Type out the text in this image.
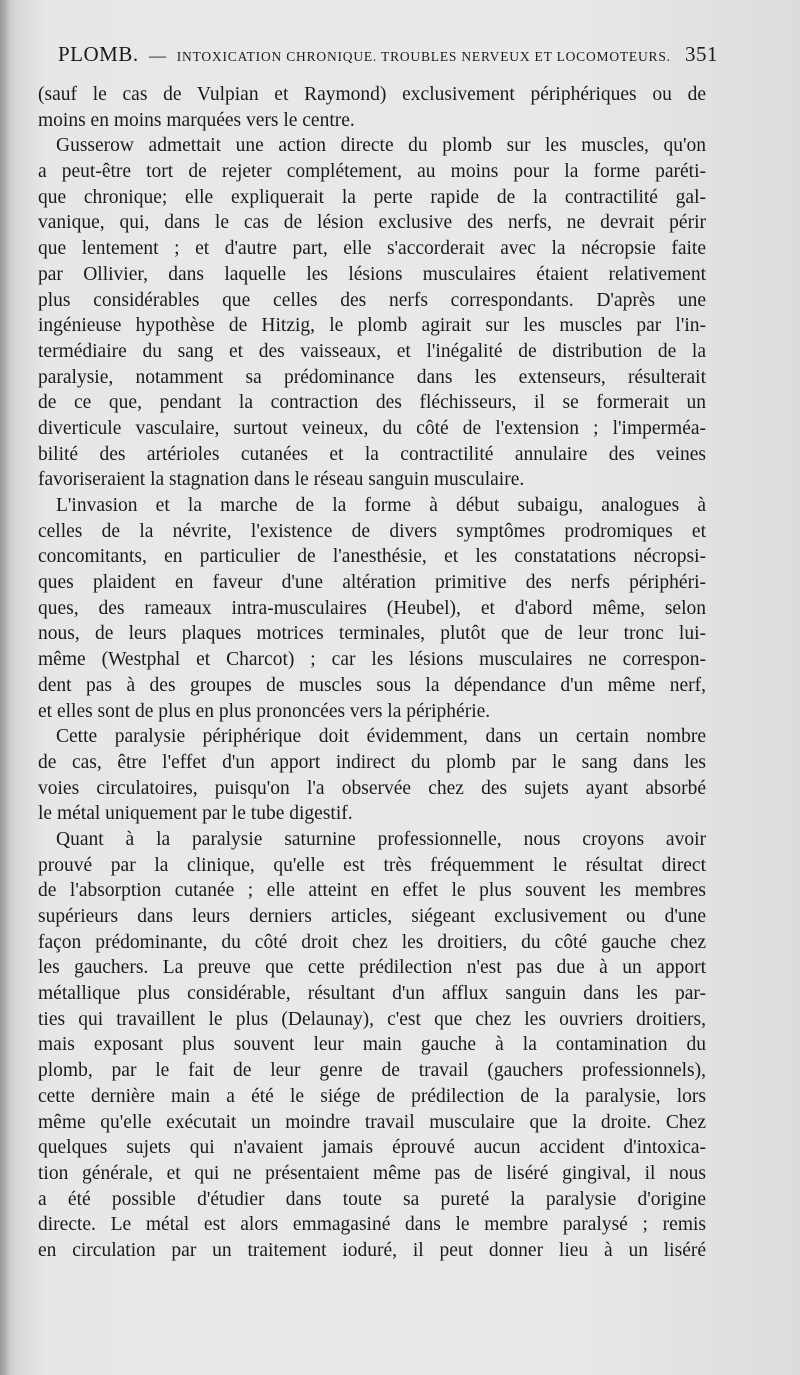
PLOMB. — INTOXICATION CHRONIQUE. TROUBLES NERVEUX ET LOCOMOTEURS. 351
(sauf le cas de Vulpian et Raymond) exclusivement périphériques ou de
moins en moins marquées vers le centre.
Gusserow admettait une action directe du plomb sur les muscles, qu'on
a peut-être tort de rejeter complétement, au moins pour la forme paréti-
que chronique; elle expliquerait la perte rapide de la contractilité gal-
vanique, qui, dans le cas de lésion exclusive des nerfs, ne devrait périr
que lentement ; et d'autre part, elle s'accorderait avec la nécropsie faite
par Ollivier, dans laquelle les lésions musculaires étaient relativement
plus considérables que celles des nerfs correspondants. D'après une
ingénieuse hypothèse de Hitzig, le plomb agirait sur les muscles par l'in-
termédiaire du sang et des vaisseaux, et l'inégalité de distribution de la
paralysie, notamment sa prédominance dans les extenseurs, résulterait
de ce que, pendant la contraction des fléchisseurs, il se formerait un
diverticule vasculaire, surtout veineux, du côté de l'extension ; l'imperméa-
bilité des artérioles cutanées et la contractilité annulaire des veines
favoriseraient la stagnation dans le réseau sanguin musculaire.
L'invasion et la marche de la forme à début subaigu, analogues à
celles de la névrite, l'existence de divers symptômes prodromiques et
concomitants, en particulier de l'anesthésie, et les constatations nécropsi-
ques plaident en faveur d'une altération primitive des nerfs périphéri-
ques, des rameaux intra-musculaires (Heubel), et d'abord même, selon
nous, de leurs plaques motrices terminales, plutôt que de leur tronc lui-
même (Westphal et Charcot) ; car les lésions musculaires ne correspon-
dent pas à des groupes de muscles sous la dépendance d'un même nerf,
et elles sont de plus en plus prononcées vers la périphérie.
Cette paralysie périphérique doit évidemment, dans un certain nombre
de cas, être l'effet d'un apport indirect du plomb par le sang dans les
voies circulatoires, puisqu'on l'a observée chez des sujets ayant absorbé
le métal uniquement par le tube digestif.
Quant à la paralysie saturnine professionnelle, nous croyons avoir
prouvé par la clinique, qu'elle est très fréquemment le résultat direct
de l'absorption cutanée ; elle atteint en effet le plus souvent les membres
supérieurs dans leurs derniers articles, siégeant exclusivement ou d'une
façon prédominante, du côté droit chez les droitiers, du côté gauche chez
les gauchers. La preuve que cette prédilection n'est pas due à un apport
métallique plus considérable, résultant d'un afflux sanguin dans les par-
ties qui travaillent le plus (Delaunay), c'est que chez les ouvriers droitiers,
mais exposant plus souvent leur main gauche à la contamination du
plomb, par le fait de leur genre de travail (gauchers professionnels),
cette dernière main a été le siége de prédilection de la paralysie, lors
même qu'elle exécutait un moindre travail musculaire que la droite. Chez
quelques sujets qui n'avaient jamais éprouvé aucun accident d'intoxica-
tion générale, et qui ne présentaient même pas de liséré gingival, il nous
a été possible d'étudier dans toute sa pureté la paralysie d'origine
directe. Le métal est alors emmagasiné dans le membre paralysé ; remis
en circulation par un traitement ioduré, il peut donner lieu à un liséré
